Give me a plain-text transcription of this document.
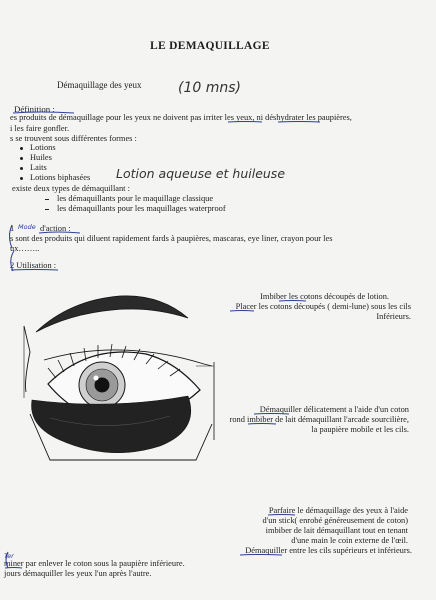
LE DEMAQUILLAGE
Démaquillage des yeux	(10 mns)
Définition :
es produits de démaquillage pour les yeux ne doivent pas irriter les yeux, ni déshydrater les paupières,
i les faire gonfler.
s se trouvent sous différentes formes :
Lotions
Huiles
Laits
Lotions biphasées Lotion aqueuse et huileuse
existe deux types de démaquillant :
les démaquillants pour le maquillage classique
les démaquillants pour les maquillages waterproof
1 Mode d'action :
s sont des produits qui diluent rapidement fards à paupières, mascaras, eye liner, crayon pour les
ux……..
2 Utilisation :
Imbiber les cotons découpés de lotion.
Placer les cotons découpés ( demi-lune) sous les cils
Inférieurs.
Démaquiller délicatement a l'aide d'un coton
rond imbiber de lait démaquillant l'arcade sourcilière,
la paupière mobile et les cils.
Parfaire le démaquillage des yeux à l'aide
d'un stick( enrobé généreusement de coton)
imbiber de lait démaquillant tout en tenant
d'une main le coin externe de l'œil.
Démaquiller entre les cils supérieurs et inférieurs.
Ter
miner par enlever le coton sous la paupière inférieure.
jours démaquiller les yeux l'un après l'autre.
